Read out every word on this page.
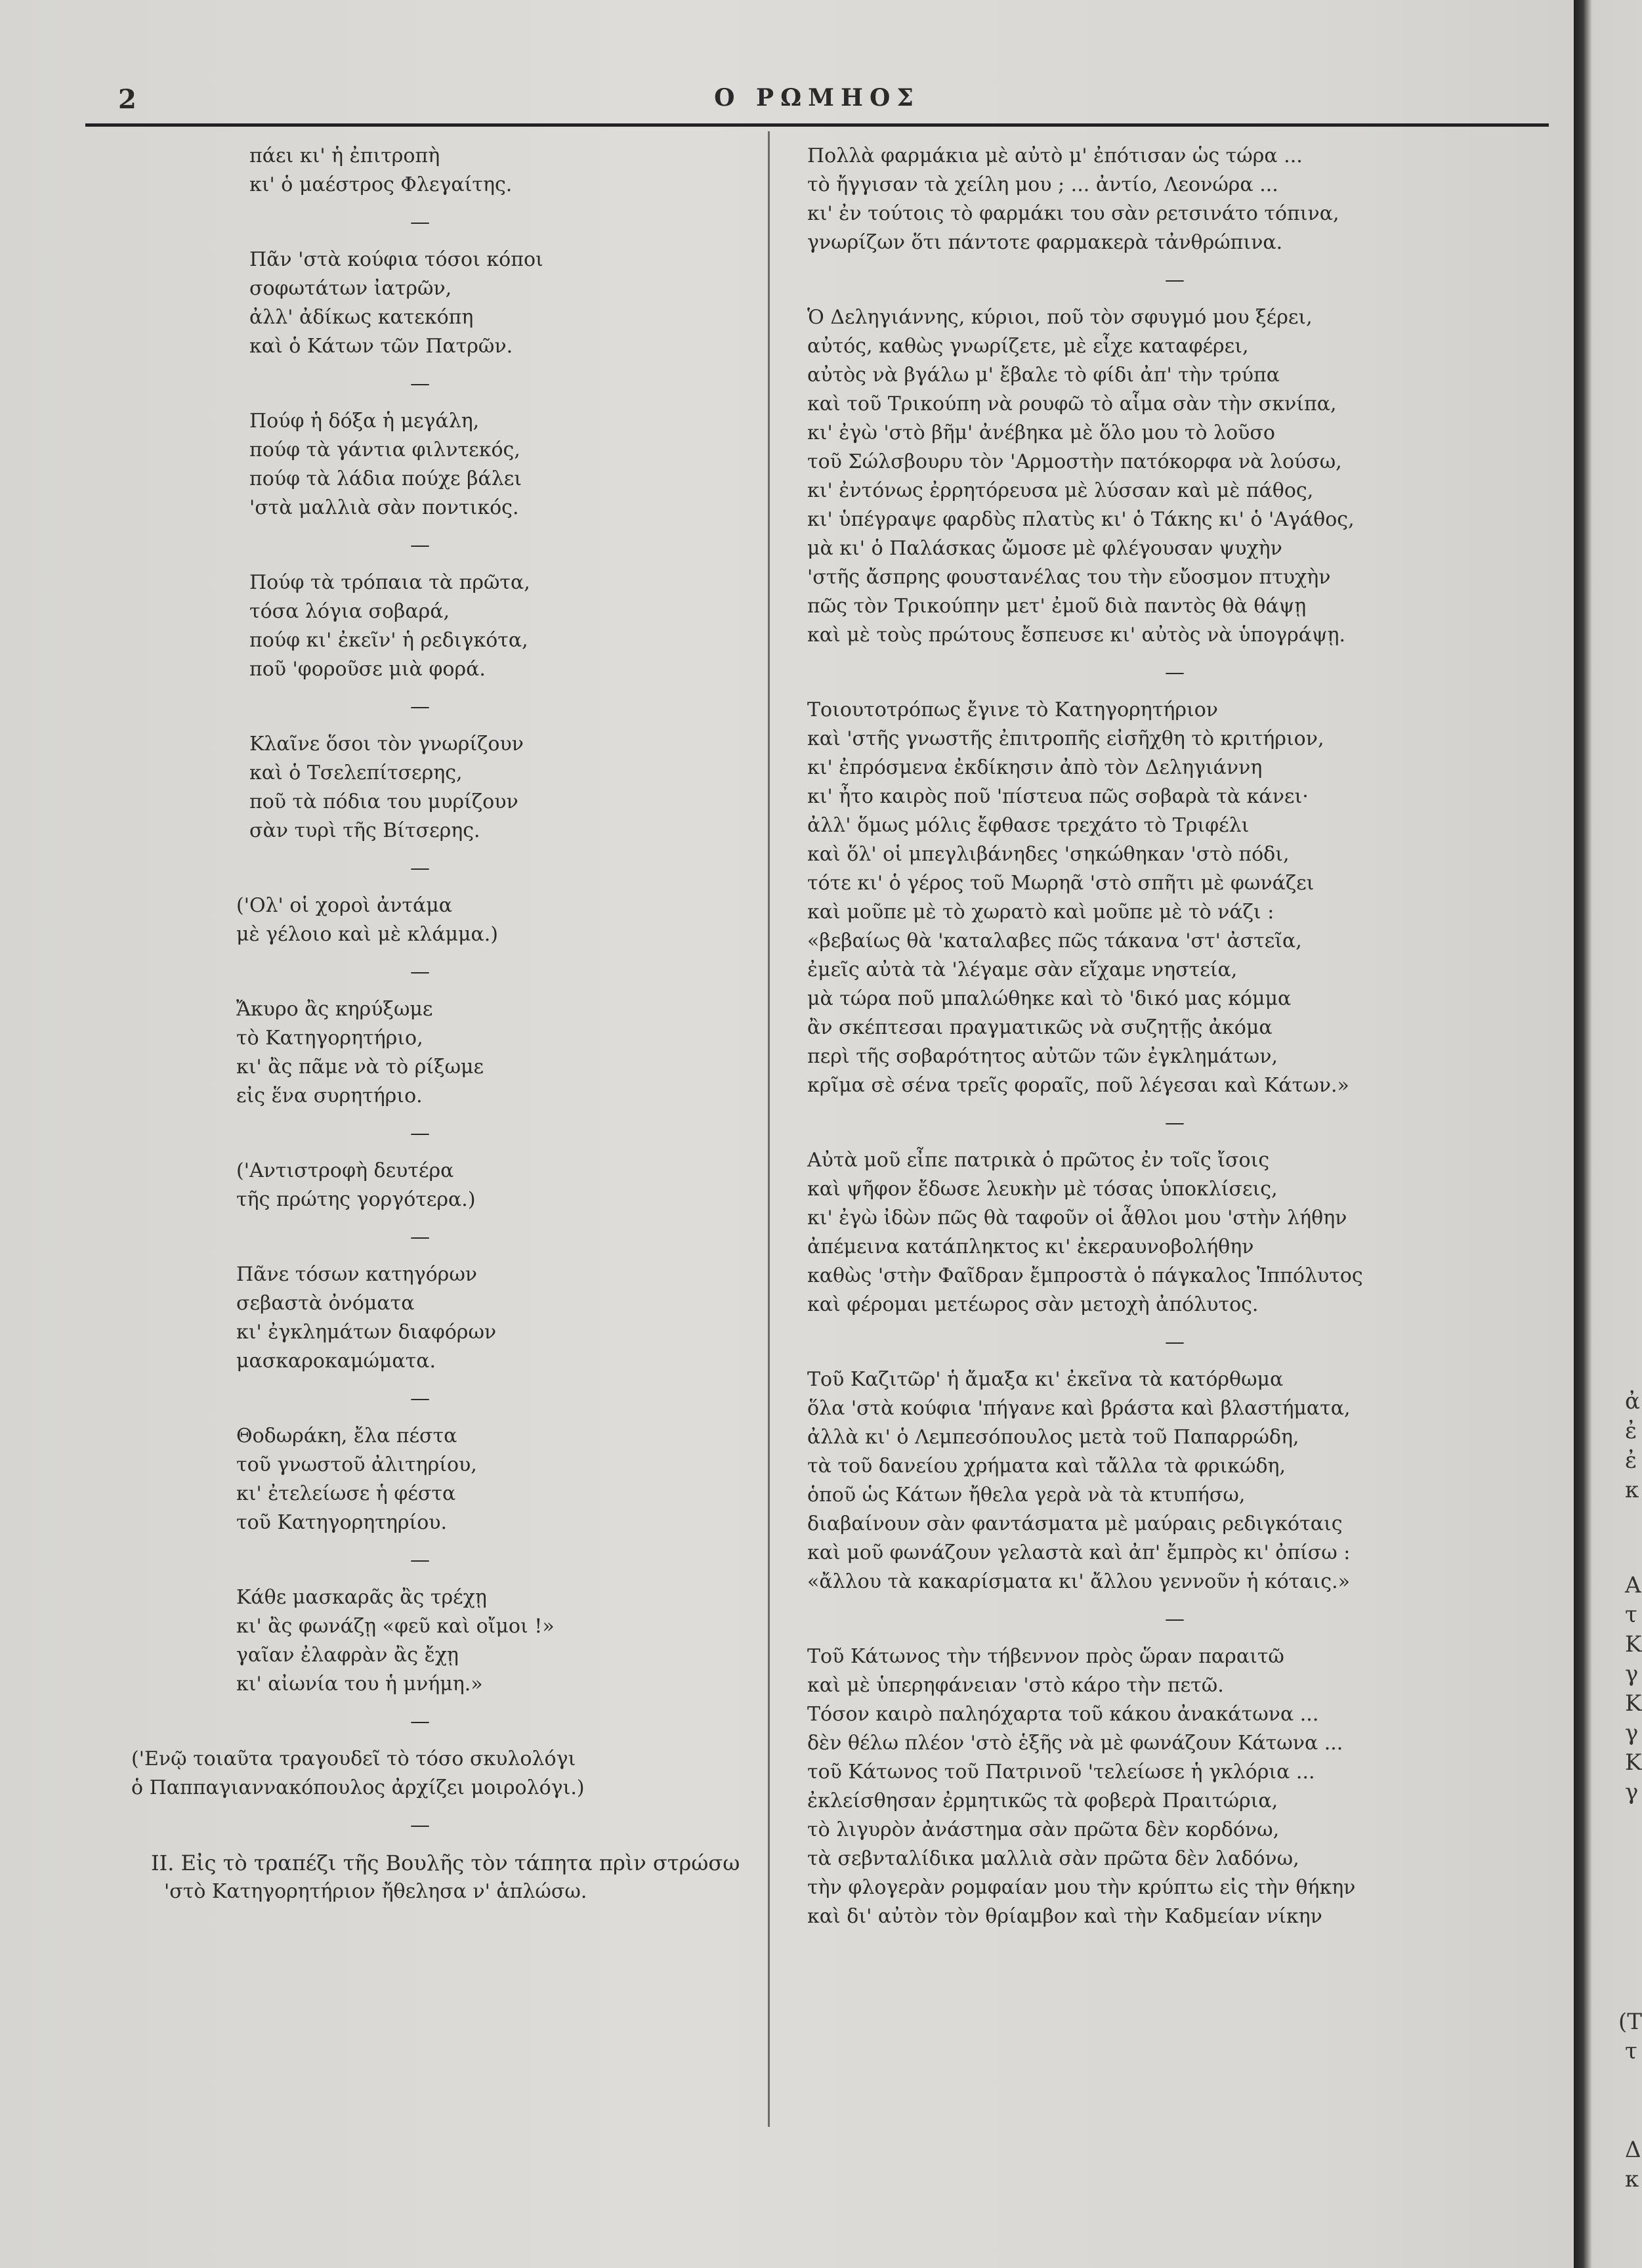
2	Ο ΡΩΜΗΟΣ
πάει κι' ἡ ἐπιτροπὴ
κι' ὁ μαέστρος Φλεγαίτης.
—
Πᾶν 'στὰ κούφια τόσοι κόποι
σοφωτάτων ἰατρῶν,
ἀλλ' ἀδίκως κατεκόπη
καὶ ὁ Κάτων τῶν Πατρῶν.
—
Πούφ ἡ δόξα ἡ μεγάλη,
πούφ τὰ γάντια φιλντεκός,
πούφ τὰ λάδια πούχε βάλει
'στὰ μαλλιὰ σὰν ποντικός.
—
Πούφ τὰ τρόπαια τὰ πρῶτα,
τόσα λόγια σοβαρά,
πούφ κι' ἐκεῖν' ἡ ρεδιγκότα,
ποῦ 'φοροῦσε μιὰ φορά.
—
Κλαῖνε ὅσοι τὸν γνωρίζουν
καὶ ὁ Τσελεπίτσερης,
ποῦ τὰ πόδια του μυρίζουν
σὰν τυρὶ τῆς Βίτσερης.
—
('Ολ' οἱ χοροὶ ἀντάμα
μὲ γέλοιο καὶ μὲ κλάμμα.)
—
Ἄκυρο ἂς κηρύξωμε
τὸ Κατηγορητήριο,
κι' ἂς πᾶμε νὰ τὸ ρίξωμε
εἰς ἕνα συρητήριο.
—
('Αντιστροφὴ δευτέρα
τῆς πρώτης γοργότερα.)
—
Πᾶνε τόσων κατηγόρων
σεβαστὰ ὀνόματα
κι' ἐγκλημάτων διαφόρων
μασκαροκαμώματα.
—
Θοδωράκη, ἔλα πέστα
τοῦ γνωστοῦ ἀλιτηρίου,
κι' ἐτελείωσε ἡ φέστα
τοῦ Κατηγορητηρίου.
—
Κάθε μασκαρᾶς ἂς τρέχῃ
κι' ἂς φωνάζῃ «φεῦ καὶ οἴμοι !»
γαῖαν ἐλαφρὰν ἂς ἔχῃ
κι' αἰωνία του ἡ μνήμη.»
—
('Ενῷ τοιαῦτα τραγουδεῖ τὸ τόσο σκυλολόγι
ὁ Παππαγιαννακόπουλος ἀρχίζει μοιρολόγι.)
—
ΙΙ. Εἰς τὸ τραπέζι τῆς Βουλῆς τὸν τάπητα πρὶν στρώσω
'στὸ Κατηγορητήριον ἤθελησα ν' ἁπλώσω.
Πολλὰ φαρμάκια μὲ αὐτὸ μ' ἐπότισαν ὡς τώρα ...
τὸ ἤγγισαν τὰ χείλη μου ; ... ἀντίο, Λεονώρα ...
κι' ἐν τούτοις τὸ φαρμάκι του σὰν ρετσινάτο τόπινα,
γνωρίζων ὅτι πάντοτε φαρμακερὰ τἀνθρώπινα.
—
Ὁ Δεληγιάννης, κύριοι, ποῦ τὸν σφυγμό μου ξέρει,
αὐτός, καθὼς γνωρίζετε, μὲ εἶχε καταφέρει,
αὐτὸς νὰ βγάλω μ' ἔβαλε τὸ φίδι ἀπ' τὴν τρύπα
καὶ τοῦ Τρικούπη νὰ ρουφῶ τὸ αἷμα σὰν τὴν σκνίπα,
κι' ἐγὼ 'στὸ βῆμ' ἀνέβηκα μὲ ὅλο μου τὸ λοῦσο
τοῦ Σώλσβουρυ τὸν 'Αρμοστὴν πατόκορφα νὰ λούσω,
κι' ἐντόνως ἐρρητόρευσα μὲ λύσσαν καὶ μὲ πάθος,
κι' ὑπέγραψε φαρδὺς πλατὺς κι' ὁ Τάκης κι' ὁ 'Αγάθος,
μὰ κι' ὁ Παλάσκας ὤμοσε μὲ φλέγουσαν ψυχὴν
'στῆς ἄσπρης φουστανέλας του τὴν εὔοσμον πτυχὴν
πῶς τὸν Τρικούπην μετ' ἐμοῦ διὰ παντὸς θὰ θάψῃ
καὶ μὲ τοὺς πρώτους ἔσπευσε κι' αὐτὸς νὰ ὑπογράψῃ.
—
Τοιουτοτρόπως ἔγινε τὸ Κατηγορητήριον
καὶ 'στῆς γνωστῆς ἐπιτροπῆς εἰσῆχθη τὸ κριτήριον,
κι' ἐπρόσμενα ἐκδίκησιν ἀπὸ τὸν Δεληγιάννη
κι' ἦτο καιρὸς ποῦ 'πίστευα πῶς σοβαρὰ τὰ κάνει·
ἀλλ' ὅμως μόλις ἔφθασε τρεχάτο τὸ Τριφέλι
καὶ ὅλ' οἱ μπεγλιβάνηδες 'σηκώθηκαν 'στὸ πόδι,
τότε κι' ὁ γέρος τοῦ Μωρηᾶ 'στὸ σπῆτι μὲ φωνάζει
καὶ μοῦπε μὲ τὸ χωρατὸ καὶ μοῦπε μὲ τὸ νάζι :
«βεβαίως θὰ 'καταλαβες πῶς τάκανα 'στ' ἀστεῖα,
ἐμεῖς αὐτὰ τὰ 'λέγαμε σὰν εἴχαμε νηστεία,
μὰ τώρα ποῦ μπαλώθηκε καὶ τὸ 'δικό μας κόμμα
ἂν σκέπτεσαι πραγματικῶς νὰ συζητῇς ἀκόμα
περὶ τῆς σοβαρότητος αὐτῶν τῶν ἐγκλημάτων,
κρῖμα σὲ σένα τρεῖς φοραῖς, ποῦ λέγεσαι καὶ Κάτων.»
—
Αὐτὰ μοῦ εἶπε πατρικὰ ὁ πρῶτος ἐν τοῖς ἴσοις
καὶ ψῆφον ἔδωσε λευκὴν μὲ τόσας ὑποκλίσεις,
κι' ἐγὼ ἰδὼν πῶς θὰ ταφοῦν οἱ ἆθλοι μου 'στὴν λήθην
ἀπέμεινα κατάπληκτος κι' ἐκεραυνοβολήθην
καθὼς 'στὴν Φαῖδραν ἔμπροστὰ ὁ πάγκαλος Ἱππόλυτος
καὶ φέρομαι μετέωρος σὰν μετοχὴ ἀπόλυτος.
—
Τοῦ Καζιτῶρ' ἡ ἄμαξα κι' ἐκεῖνα τὰ κατόρθωμα
ὅλα 'στὰ κούφια 'πήγανε καὶ βράστα καὶ βλαστήματα,
ἀλλὰ κι' ὁ Λεμπεσόπουλος μετὰ τοῦ Παπαρρώδη,
τὰ τοῦ δανείου χρήματα καὶ τἄλλα τὰ φρικώδη,
ὁποῦ ὡς Κάτων ἤθελα γερὰ νὰ τὰ κτυπήσω,
διαβαίνουν σὰν φαντάσματα μὲ μαύραις ρεδιγκόταις
καὶ μοῦ φωνάζουν γελαστὰ καὶ ἀπ' ἔμπρὸς κι' ὀπίσω :
«ἄλλου τὰ κακαρίσματα κι' ἄλλου γεννοῦν ἡ κόταις.»
—
Τοῦ Κάτωνος τὴν τήβεννον πρὸς ὥραν παραιτῶ
καὶ μὲ ὑπερηφάνειαν 'στὸ κάρο τὴν πετῶ.
Τόσον καιρὸ παληόχαρτα τοῦ κάκου ἀνακάτωνα ...
δὲν θέλω πλέον 'στὸ ἑξῆς νὰ μὲ φωνάζουν Κάτωνα ...
τοῦ Κάτωνος τοῦ Πατρινοῦ 'τελείωσε ἡ γκλόρια ...
ἐκλείσθησαν ἐρμητικῶς τὰ φοβερὰ Πραιτώρια,
τὸ λιγυρὸν ἀνάστημα σὰν πρῶτα δὲν κορδόνω,
τὰ σεβνταλίδικα μαλλιὰ σὰν πρῶτα δὲν λαδόνω,
τὴν φλογερὰν ρομφαίαν μου τὴν κρύπτω εἰς τὴν θήκην
καὶ δι' αὐτὸν τὸν θρίαμβον καὶ τὴν Καδμείαν νίκην
ἀ
ἐ
ἐ
κ
Α
τ
Κ
γ
Κ
γ
Κ
γ
(Τ
τ
Δ
κ
